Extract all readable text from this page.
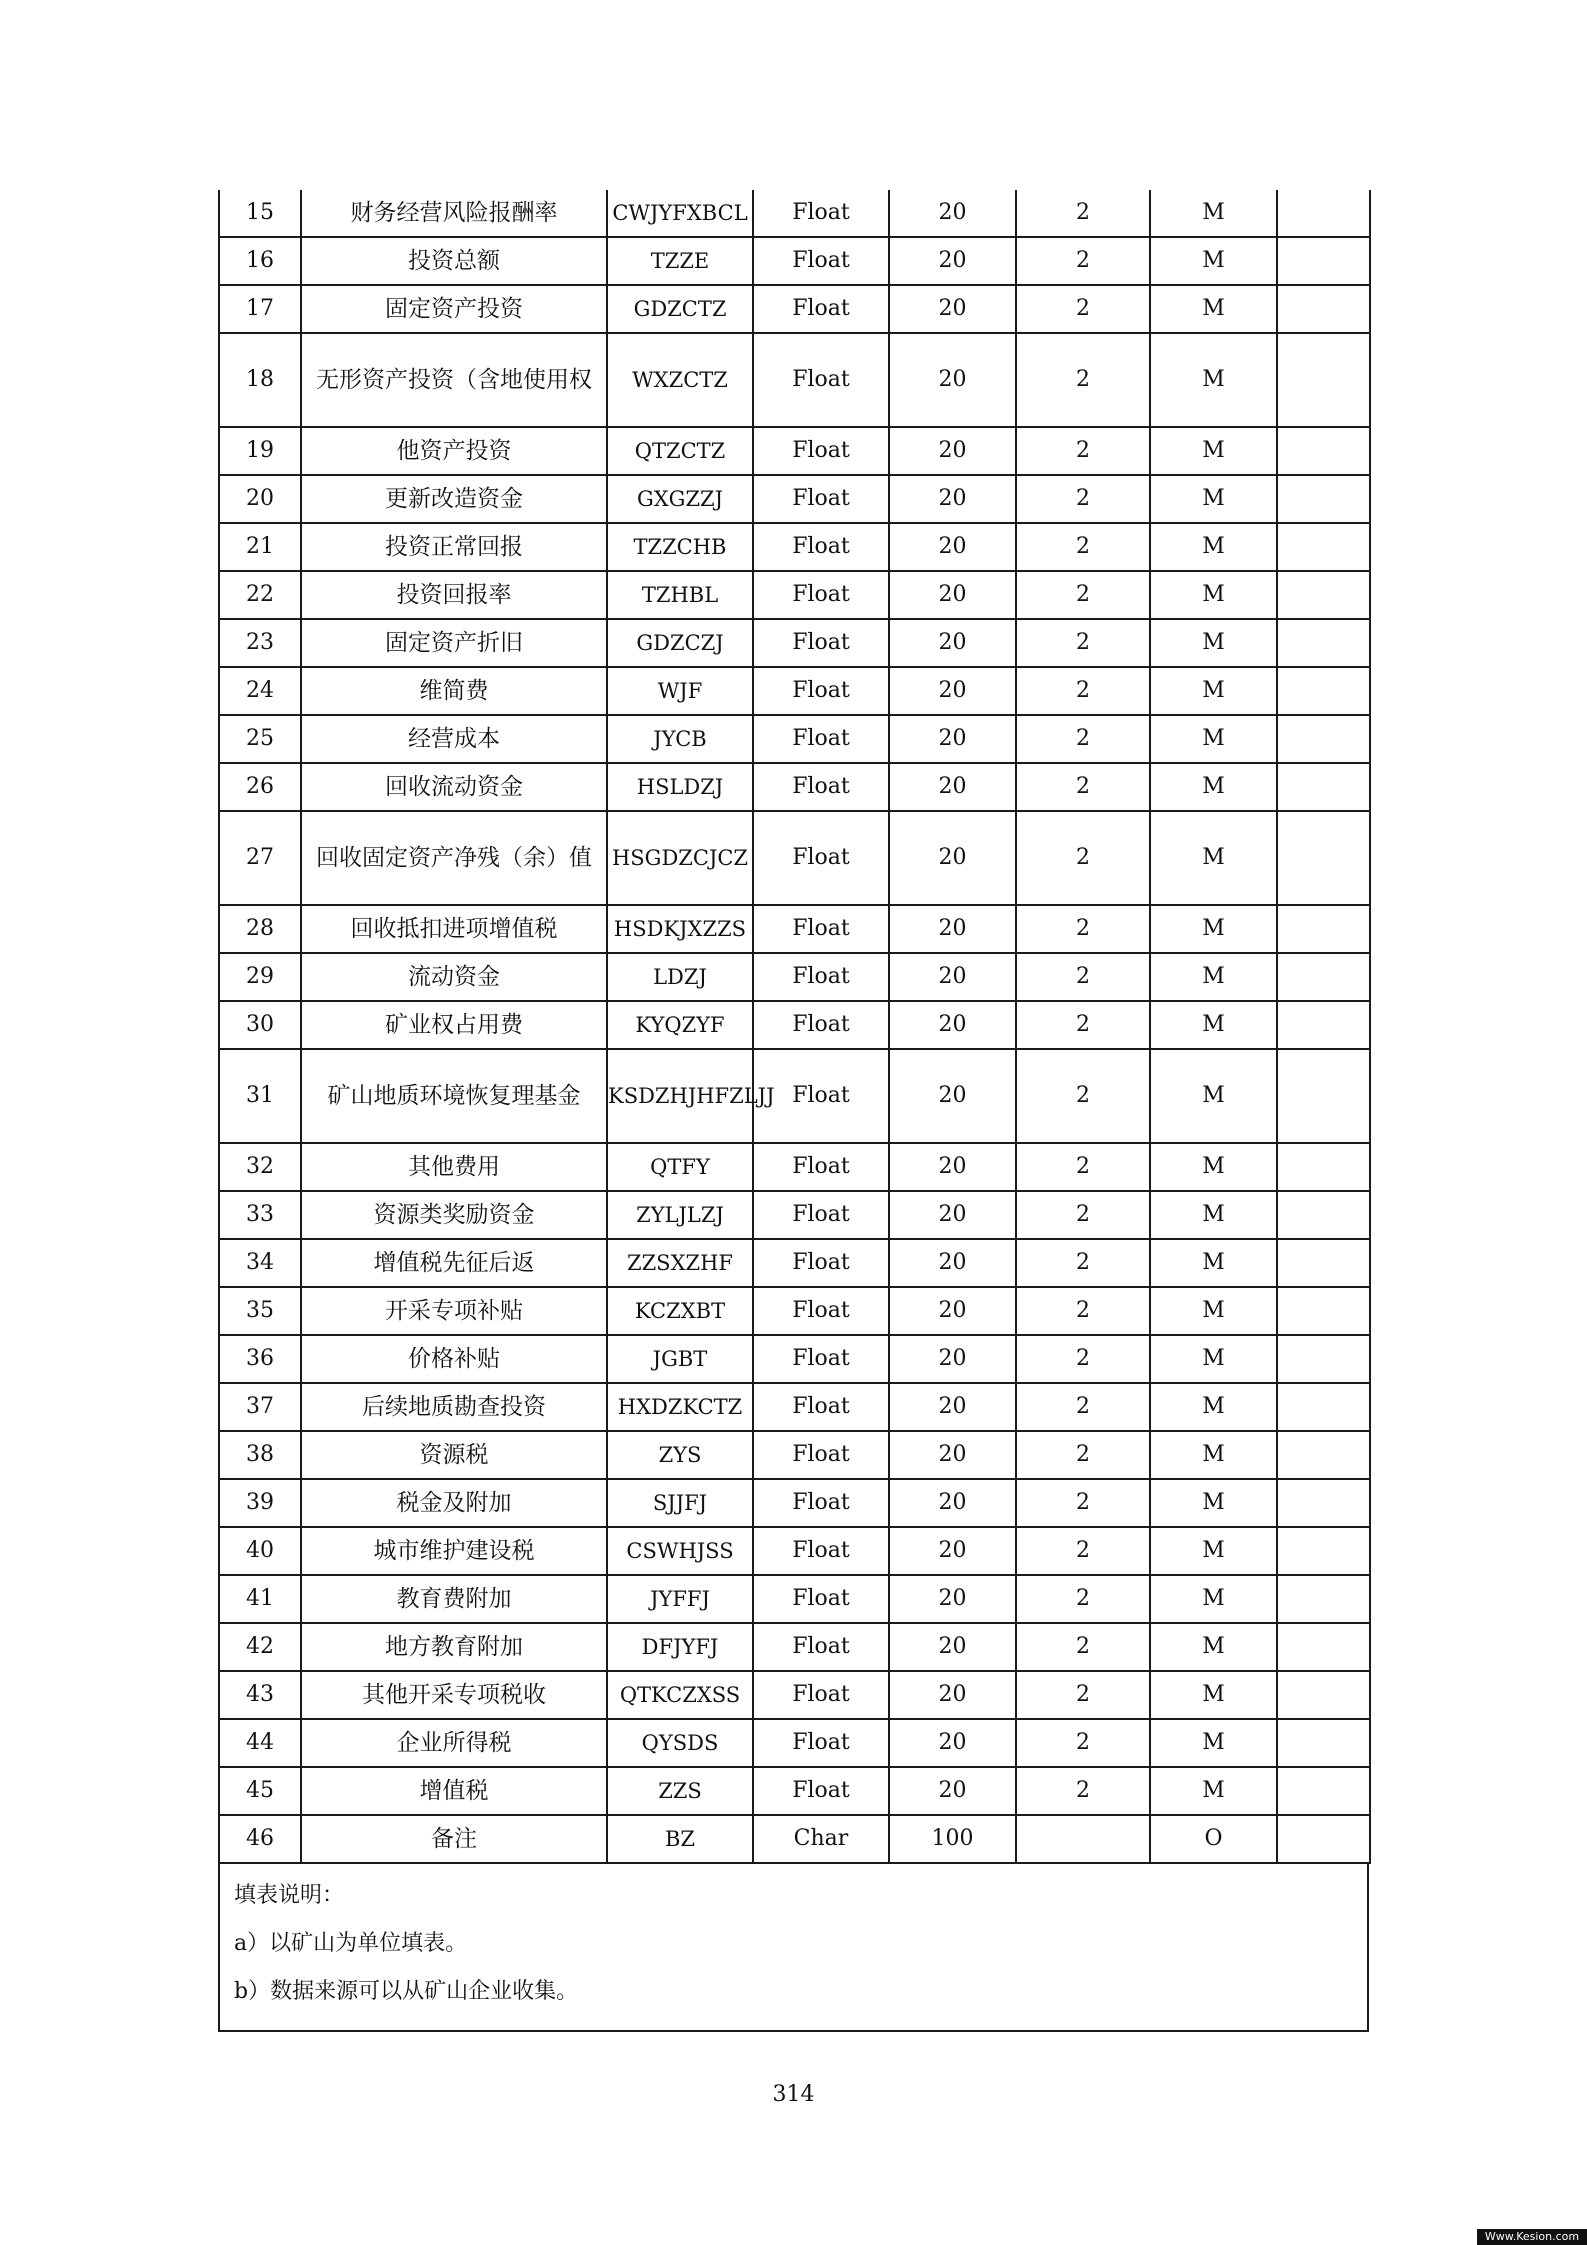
15	财务经营风险报酬率	CWJYFXBCL	Float	20	2	M	

16	投资总额	TZZE	Float	20	2	M	

17	固定资产投资	GDZCTZ	Float	20	2	M	

18	无形资产投资（含地使用权	WXZCTZ	Float	20	2	M	

19	他资产投资	QTZCTZ	Float	20	2	M	

20	更新改造资金	GXGZZJ	Float	20	2	M	

21	投资正常回报	TZZCHB	Float	20	2	M	

22	投资回报率	TZHBL	Float	20	2	M	

23	固定资产折旧	GDZCZJ	Float	20	2	M	

24	维简费	WJF	Float	20	2	M	

25	经营成本	JYCB	Float	20	2	M	

26	回收流动资金	HSLDZJ	Float	20	2	M	

27	回收固定资产净残（余）值	HSGDZCJCZ	Float	20	2	M	

28	回收抵扣进项增值税	HSDKJXZZS	Float	20	2	M	

29	流动资金	LDZJ	Float	20	2	M	

30	矿业权占用费	KYQZYF	Float	20	2	M	

31	矿山地质环境恢复理基金	KSDZHJHFZLJJ	Float	20	2	M	

32	其他费用	QTFY	Float	20	2	M	

33	资源类奖励资金	ZYLJLZJ	Float	20	2	M	

34	增值税先征后返	ZZSXZHF	Float	20	2	M	

35	开采专项补贴	KCZXBT	Float	20	2	M	

36	价格补贴	JGBT	Float	20	2	M	

37	后续地质勘查投资	HXDZKCTZ	Float	20	2	M	

38	资源税	ZYS	Float	20	2	M	

39	税金及附加	SJJFJ	Float	20	2	M	

40	城市维护建设税	CSWHJSS	Float	20	2	M	

41	教育费附加	JYFFJ	Float	20	2	M	

42	地方教育附加	DFJYFJ	Float	20	2	M	

43	其他开采专项税收	QTKCZXSS	Float	20	2	M	

44	企业所得税	QYSDS	Float	20	2	M	

45	增值税	ZZS	Float	20	2	M	

46	备注	BZ	Char	100		O	

填表说明：
a）以矿山为单位填表。
b）数据来源可以从矿山企业收集。
314
Www.Kesion.com
